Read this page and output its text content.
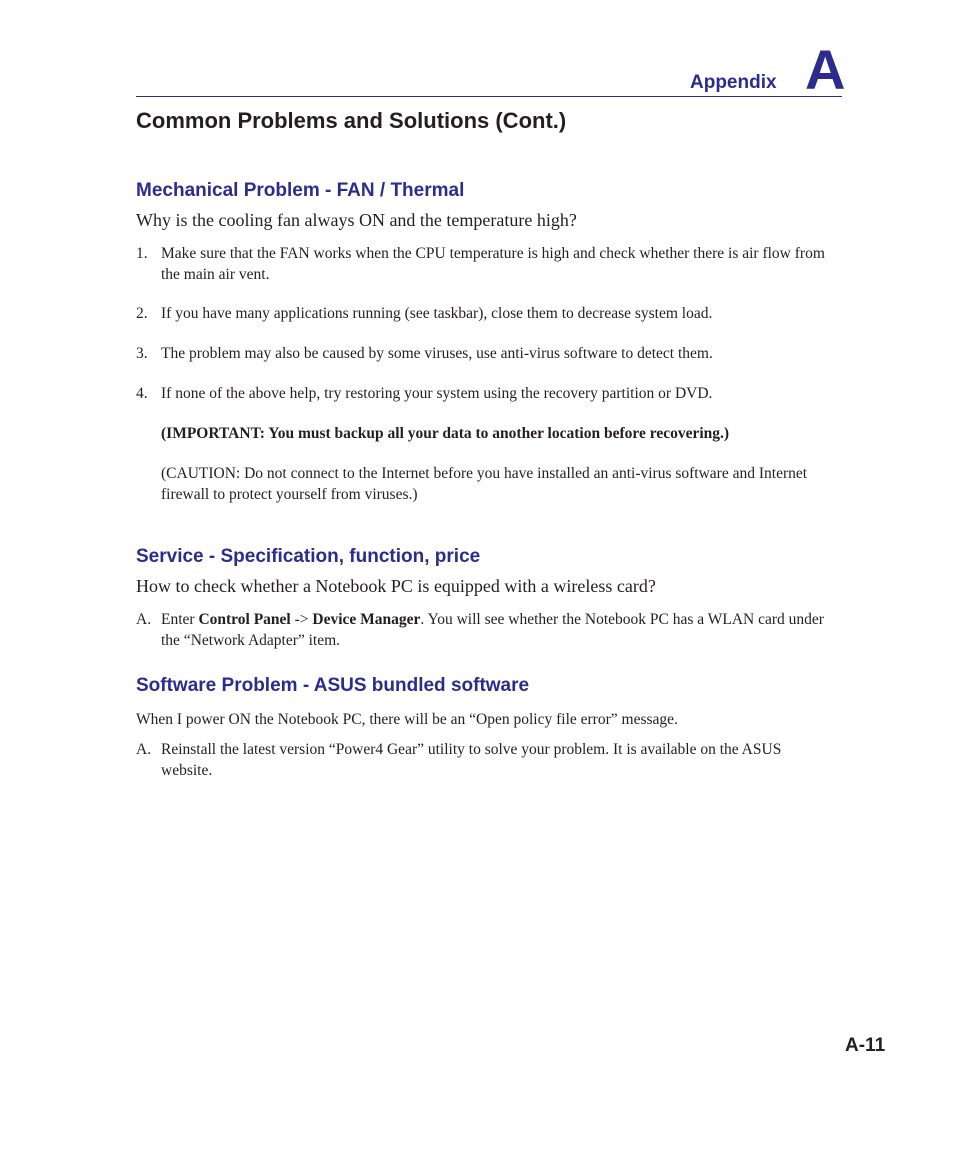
Appendix A
Common Problems and Solutions (Cont.)
Mechanical Problem - FAN / Thermal

Why is the cooling fan always ON and the temperature high?

1. Make sure that the FAN works when the CPU temperature is high and check whether there is air flow from the main air vent.
2. If you have many applications running (see taskbar), close them to decrease system load.
3. The problem may also be caused by some viruses, use anti-virus software to detect them.
4. If none of the above help, try restoring your system using the recovery partition or DVD.
(IMPORTANT: You must backup all your data to another location before recovering.)
(CAUTION: Do not connect to the Internet before you have installed an anti-virus software and Internet firewall to protect yourself from viruses.)
Service - Specification, function, price

How to check whether a Notebook PC is equipped with a wireless card?

A. Enter Control Panel -> Device Manager. You will see whether the Notebook PC has a WLAN card under the “Network Adapter” item.
Software Problem - ASUS bundled software
When I power ON the Notebook PC, there will be an “Open policy file error” message.
A. Reinstall the latest version “Power4 Gear” utility to solve your problem. It is available on the ASUS website.
A-11
